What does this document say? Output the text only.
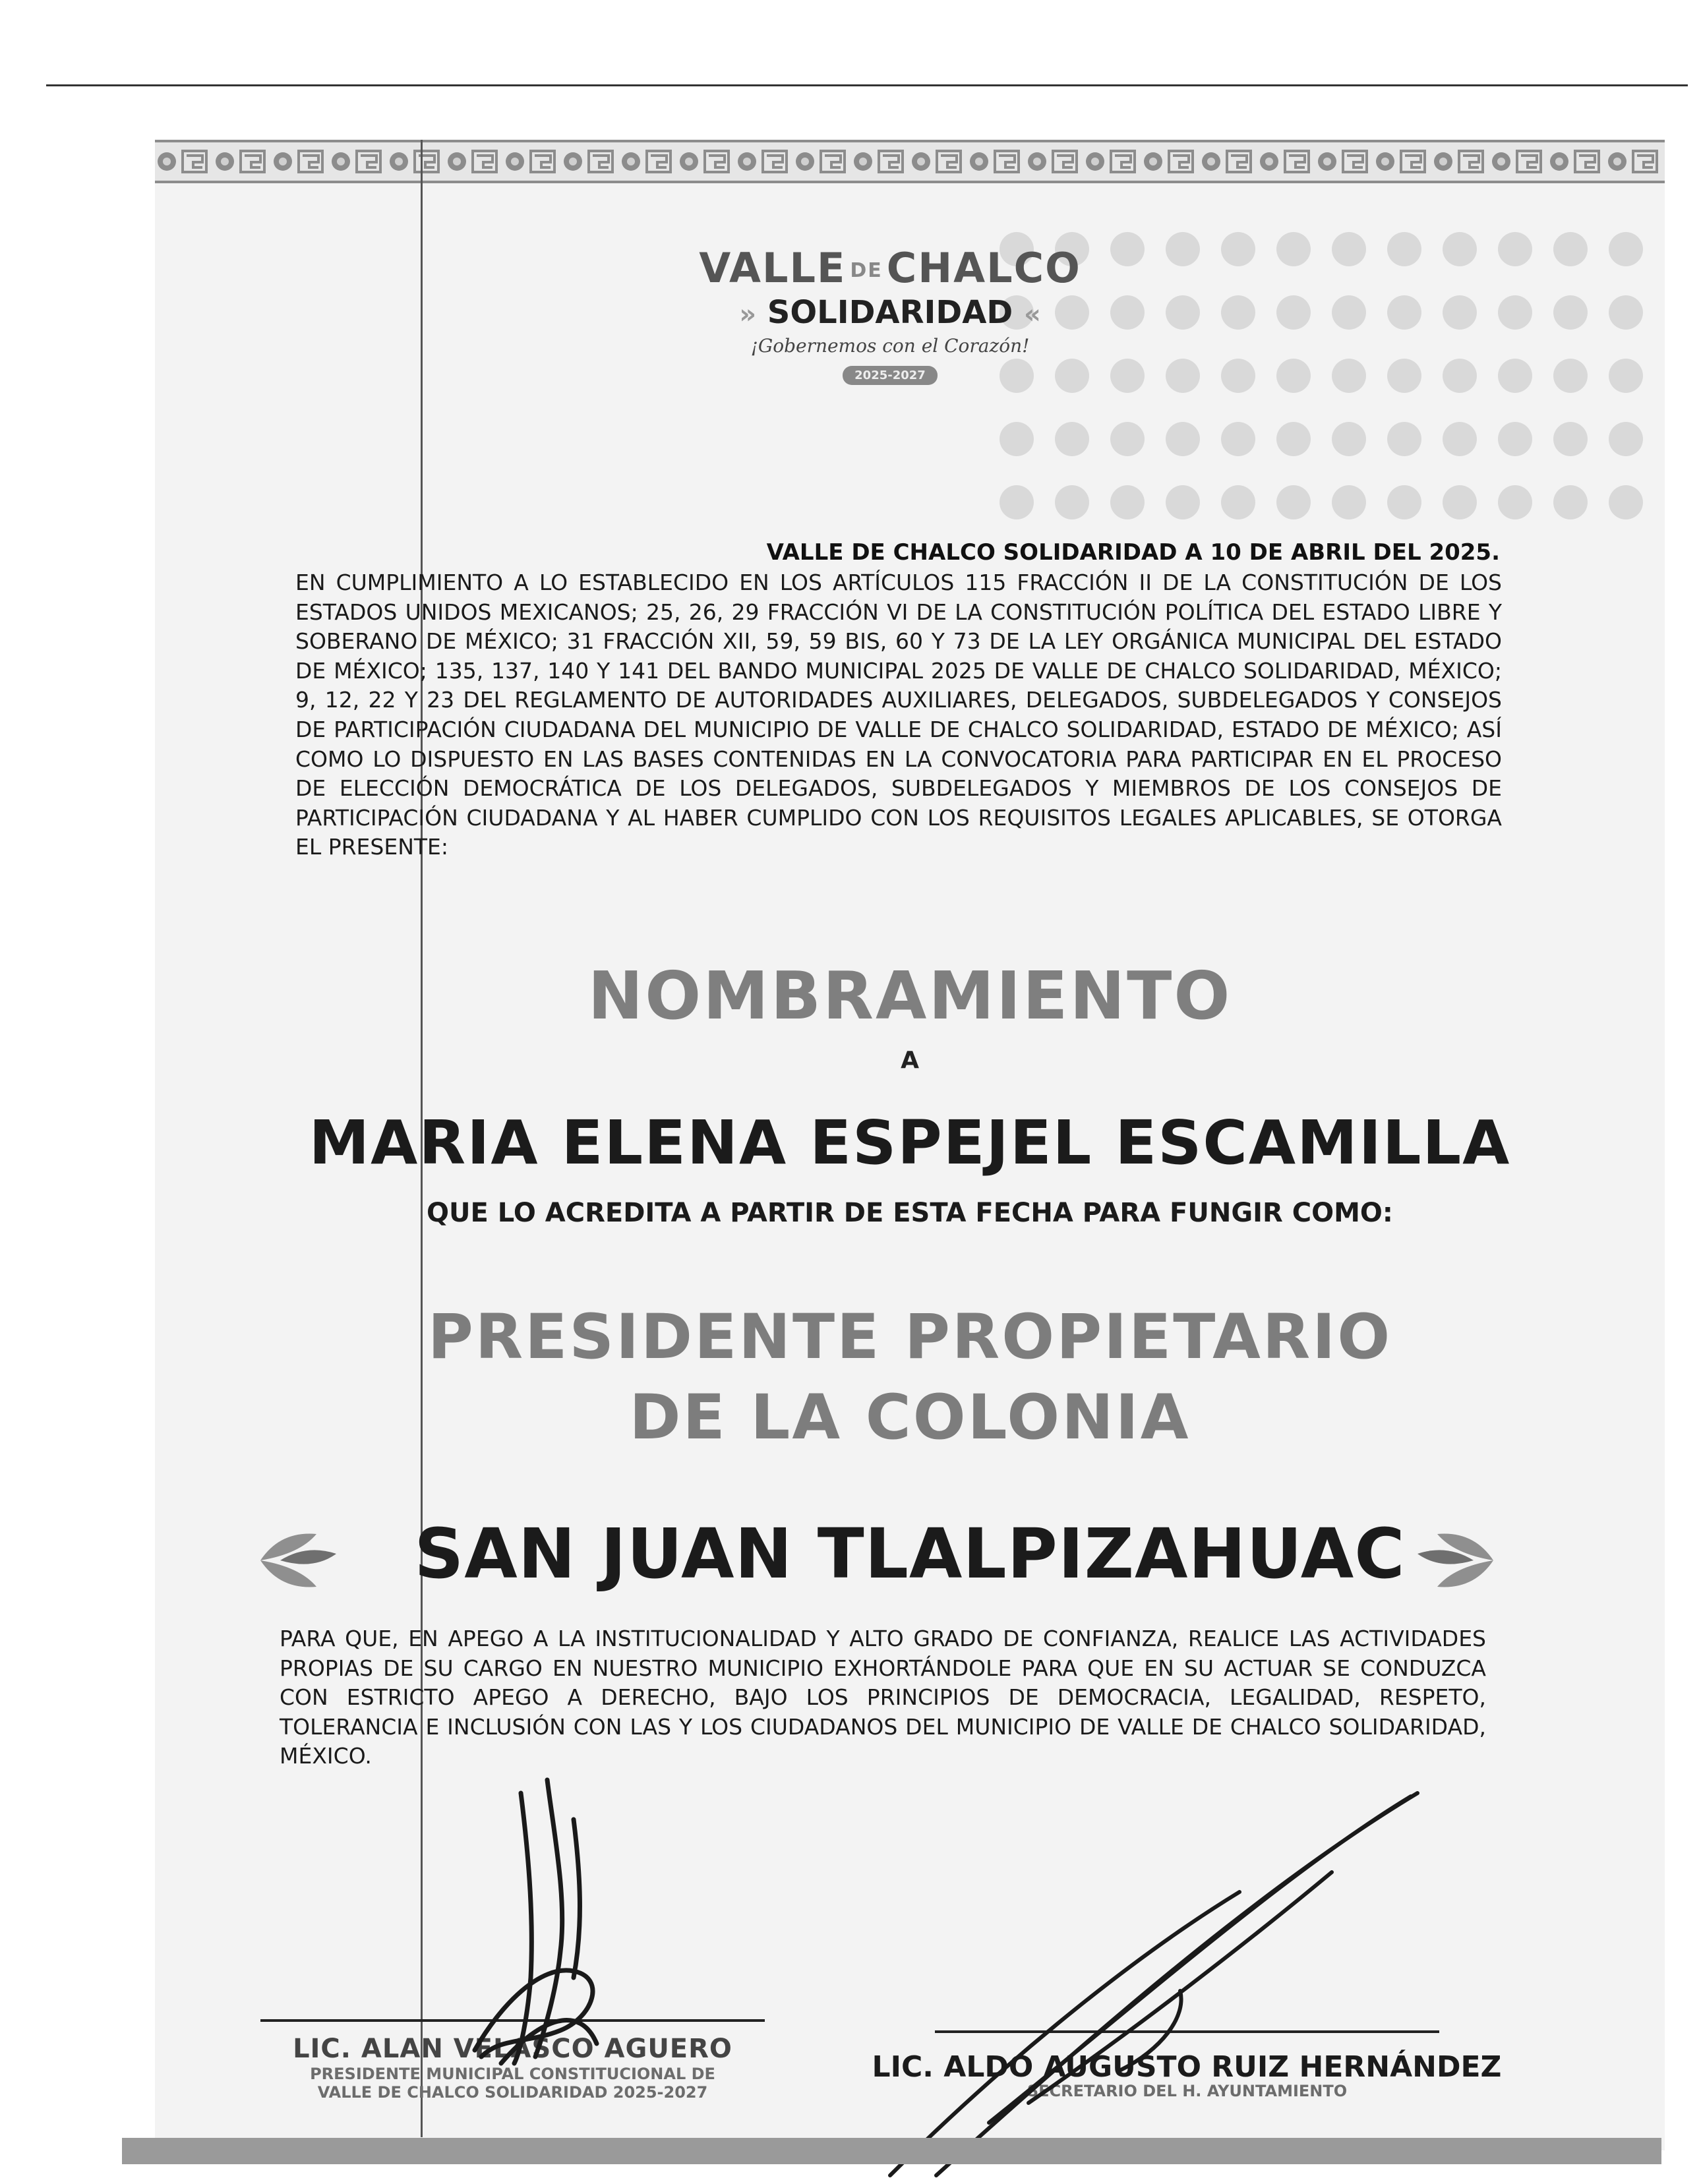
VALLE DECHALCO
» SOLIDARIDAD «
¡Gobernemos con el Corazón!
2025-2027
VALLE DE CHALCO SOLIDARIDAD A 10 DE ABRIL DEL 2025.
EN CUMPLIMIENTO A LO ESTABLECIDO EN LOS ARTÍCULOS 115 FRACCIÓN II DE LA CONSTITUCIÓN DE LOS ESTADOS UNIDOS MEXICANOS; 25, 26, 29 FRACCIÓN VI DE LA CONSTITUCIÓN POLÍTICA DEL ESTADO LIBRE Y SOBERANO DE MÉXICO; 31 FRACCIÓN XII, 59, 59 BIS, 60 Y 73 DE LA LEY ORGÁNICA MUNICIPAL DEL ESTADO DE MÉXICO; 135, 137, 140 Y 141 DEL BANDO MUNICIPAL 2025 DE VALLE DE CHALCO SOLIDARIDAD, MÉXICO; 9, 12, 22 Y 23 DEL REGLAMENTO DE AUTORIDADES AUXILIARES, DELEGADOS, SUBDELEGADOS Y CONSEJOS DE PARTICIPACIÓN CIUDADANA DEL MUNICIPIO DE VALLE DE CHALCO SOLIDARIDAD, ESTADO DE MÉXICO; ASÍ COMO LO DISPUESTO EN LAS BASES CONTENIDAS EN LA CONVOCATORIA PARA PARTICIPAR EN EL PROCESO DE ELECCIÓN DEMOCRÁTICA DE LOS DELEGADOS, SUBDELEGADOS Y MIEMBROS DE LOS CONSEJOS DE PARTICIPACIÓN CIUDADANA Y AL HABER CUMPLIDO CON LOS REQUISITOS LEGALES APLICABLES, SE OTORGA EL PRESENTE:
NOMBRAMIENTO
A
MARIA ELENA ESPEJEL ESCAMILLA
QUE LO ACREDITA A PARTIR DE ESTA FECHA PARA FUNGIR COMO:
PRESIDENTE PROPIETARIO
DE LA COLONIA
SAN JUAN TLALPIZAHUAC
PARA QUE, EN APEGO A LA INSTITUCIONALIDAD Y ALTO GRADO DE CONFIANZA, REALICE LAS ACTIVIDADES PROPIAS DE SU CARGO EN NUESTRO MUNICIPIO EXHORTÁNDOLE PARA QUE EN SU ACTUAR SE CONDUZCA CON ESTRICTO APEGO A DERECHO, BAJO LOS PRINCIPIOS DE DEMOCRACIA, LEGALIDAD, RESPETO, TOLERANCIA E INCLUSIÓN CON LAS Y LOS CIUDADANOS DEL MUNICIPIO DE VALLE DE CHALCO SOLIDARIDAD, MÉXICO.
LIC. ALAN VELASCO AGUERO
PRESIDENTE MUNICIPAL CONSTITUCIONAL DE
VALLE DE CHALCO SOLIDARIDAD 2025-2027
LIC. ALDO AUGUSTO RUIZ HERNÁNDEZ
SECRETARIO DEL H. AYUNTAMIENTO
